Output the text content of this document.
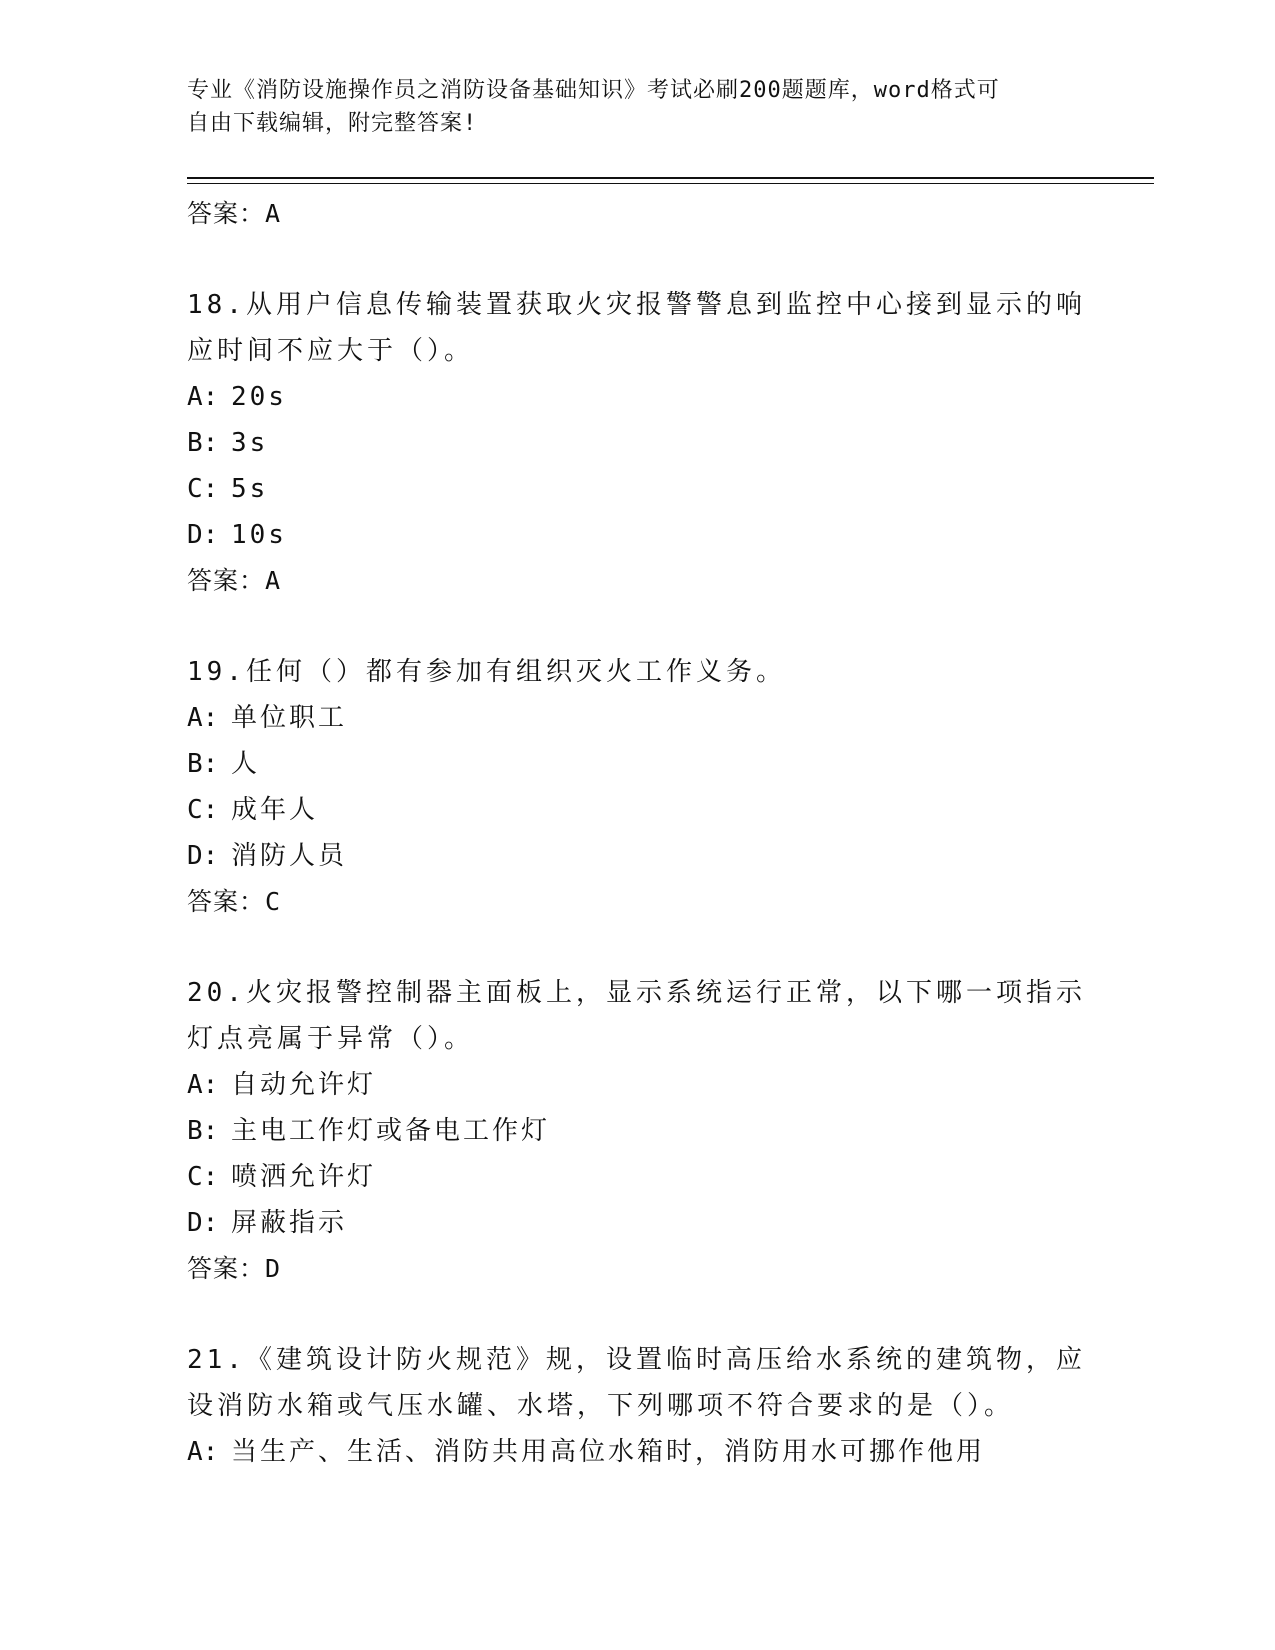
专业《消防设施操作员之消防设备基础知识》考试必刷200题题库，word格式可
自由下载编辑，附完整答案!
答案：A
18.从用户信息传输装置获取火灾报警警息到监控中心接到显示的响应时间不应大于（）。
A: 20s
B: 3s
C: 5s
D: 10s
答案：A
19.任何（）都有参加有组织灭火工作义务。
A: 单位职工
B: 人
C: 成年人
D: 消防人员
答案：C
20.火灾报警控制器主面板上，显示系统运行正常，以下哪一项指示灯点亮属于异常（）。
A: 自动允许灯
B: 主电工作灯或备电工作灯
C: 喷洒允许灯
D: 屏蔽指示
答案：D
21.《建筑设计防火规范》规，设置临时高压给水系统的建筑物，应设消防水箱或气压水罐、水塔，下列哪项不符合要求的是（）。
A: 当生产、生活、消防共用高位水箱时，消防用水可挪作他用
